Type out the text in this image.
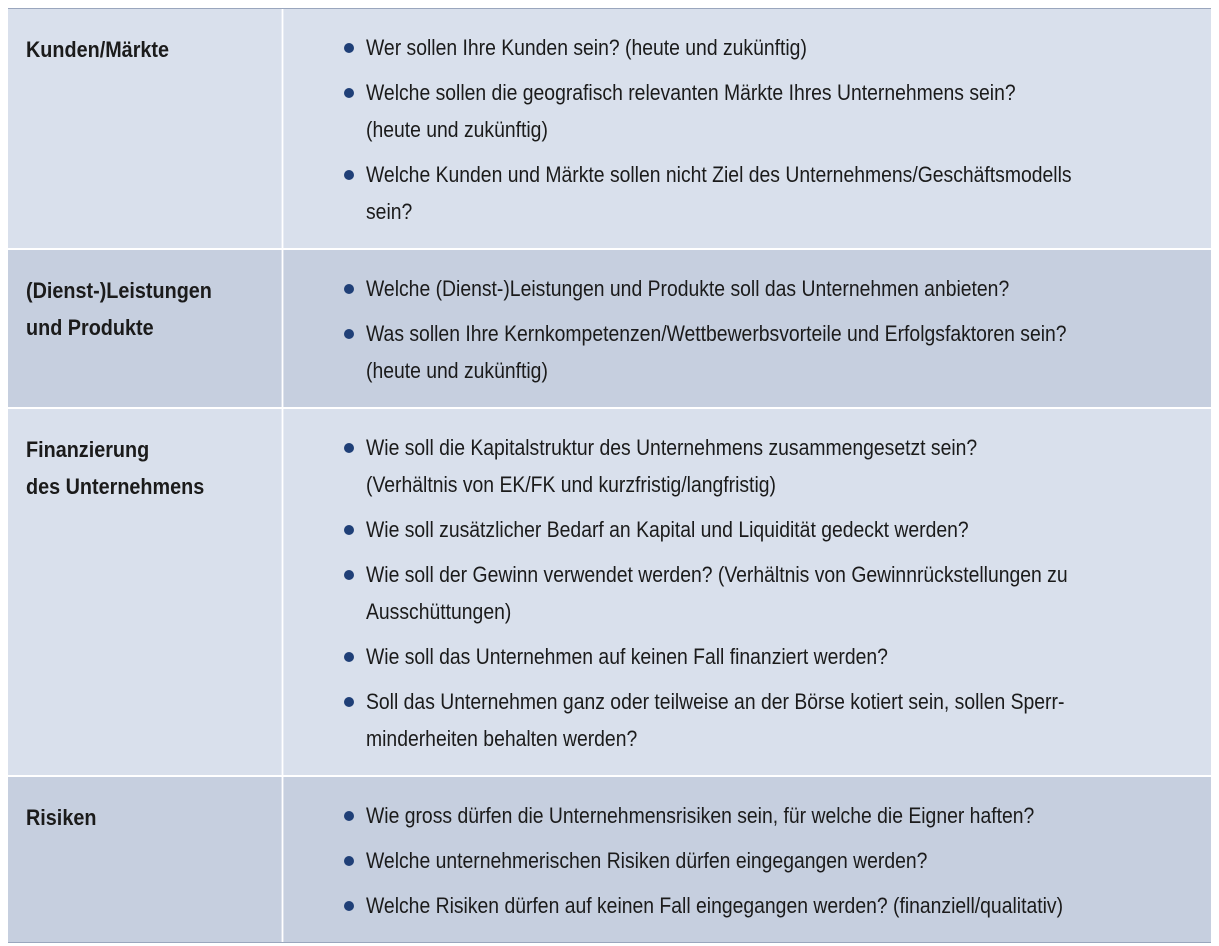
Kunden/Märkte	Wer sollen Ihre Kunden sein? (heute und zukünftig)
Welche sollen die geografisch relevanten Märkte Ihres Unternehmens sein?
(heute und zukünftig)
Welche Kunden und Märkte sollen nicht Ziel des Unternehmens/Geschäftsmodells
sein?
(Dienst-)Leistungen
und Produkte
Welche (Dienst-)Leistungen und Produkte soll das Unternehmen anbieten?
Was sollen Ihre Kernkompetenzen/Wettbewerbsvorteile und Erfolgsfaktoren sein?
(heute und zukünftig)
Finanzierung
des Unternehmens
Wie soll die Kapitalstruktur des Unternehmens zusammengesetzt sein?
(Verhältnis von EK/FK und kurzfristig/langfristig)
Wie soll zusätzlicher Bedarf an Kapital und Liquidität gedeckt werden?
Wie soll der Gewinn verwendet werden? (Verhältnis von Gewinnrückstellungen zu
Ausschüttungen)
Wie soll das Unternehmen auf keinen Fall finanziert werden?
Soll das Unternehmen ganz oder teilweise an der Börse kotiert sein, sollen Sperr-
minderheiten behalten werden?
Risiken	Wie gross dürfen die Unternehmensrisiken sein, für welche die Eigner haften?
Welche unternehmerischen Risiken dürfen eingegangen werden?
Welche Risiken dürfen auf keinen Fall eingegangen werden? (finanziell/qualitativ)
